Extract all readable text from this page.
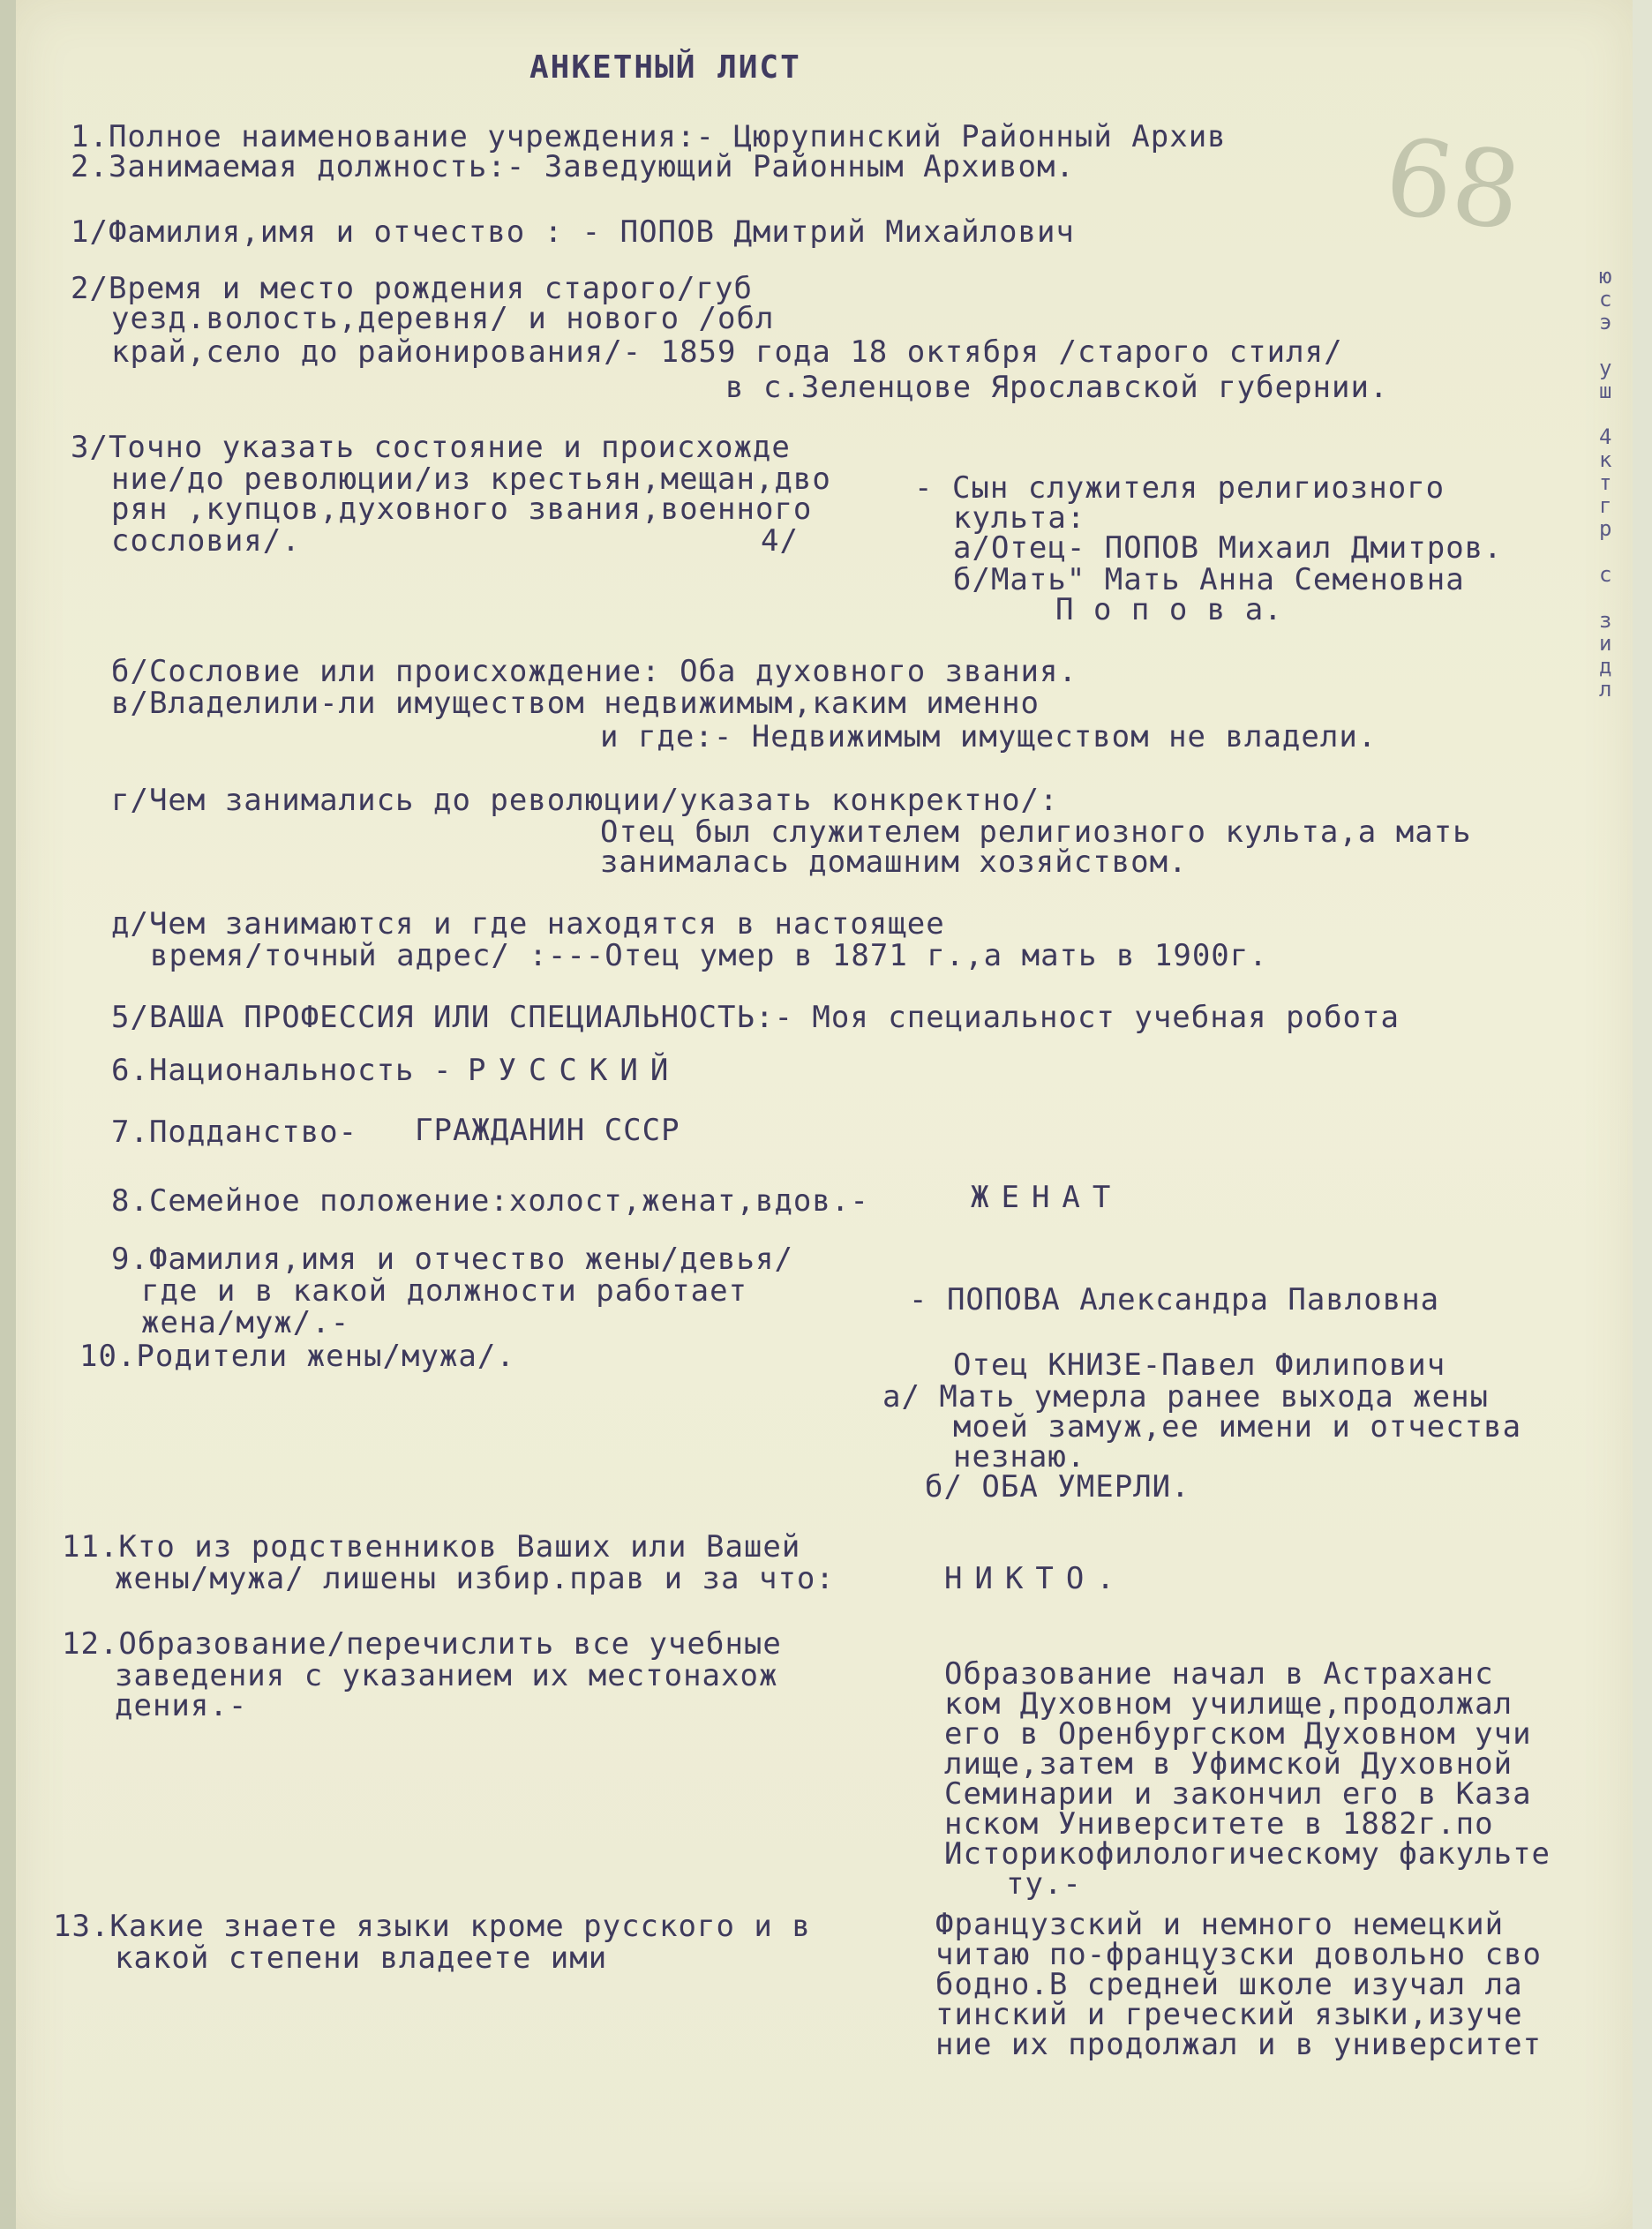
68
ю
с
э

у
ш

4
к
т
г
р

с

з
и
д
л
АНКЕТНЫЙ ЛИСТ
1.Полное наименование учреждения:- Цюрупинский Районный Архив
2.Занимаемая должность:- Заведующий Районным Архивом.
1/Фамилия,имя и отчество : - ПОПОВ Дмитрий Михайлович
2/Время и место рождения старого/губ
уезд.волость,деревня/ и нового /обл
край,село до районирования/- 1859 года 18 октября /старого стиля/
в с.Зеленцове Ярославской губернии.
3/Точно указать состояние и происхожде
ние/до революции/из крестьян,мещан,дво
рян ,купцов,духовного звания,военного
сословия/.	4/
- Сын служителя религиозного
культа:
а/Отец- ПОПОВ Михаил Дмитров.
б/Мать" Мать Анна Семеновна
П о п о в а.
б/Сословие или происхождение: Оба духовного звания.
в/Владелили-ли имуществом недвижимым,каким именно
и где:- Недвижимым имуществом не владели.
г/Чем занимались до революции/указать конкректно/:
Отец был служителем религиозного культа,а мать
занималась домашним хозяйством.
д/Чем занимаются и где находятся в настоящее
время/точный адрес/ :---Отец умер в 1871 г.,а мать в 1900г.
5/ВАША ПРОФЕССИЯ ИЛИ СПЕЦИАЛЬНОСТЬ:- Моя специальност учебная робота
6.Национальность - РУССКИЙ
7.Подданство- ГРАЖДАНИН СССР
8.Семейное положение:холост,женат,вдов.-	ЖЕНАТ
9.Фамилия,имя и отчество жены/девья/
где и в какой должности работает
жена/муж/.-
- ПОПОВА Александра Павловна
10.Родители жены/мужа/.	Отец КНИЗЕ-Павел Филипович
а/ Мать умерла ранее выхода жены
моей замуж,ее имени и отчества
незнаю.
б/ ОБА УМЕРЛИ.
11.Кто из родственников Ваших или Вашей
жены/мужа/ лишены избир.прав и за что:	НИКТО.
12.Образование/перечислить все учебные
заведения с указанием их местонахож
дения.-
Образование начал в Астраханс
ком Духовном училище,продолжал
его в Оренбургском Духовном учи
лище,затем в Уфимской Духовной
Семинарии и закончил его в Каза
нском Университете в 1882г.по
Историкофилологическому факульте
ту.-
13.Какие знаете языки кроме русского и в
какой степени владеете ими
Французский и немного немецкий
читаю по-французски довольно сво
бодно.В средней школе изучал ла
тинский и греческий языки,изуче
ние их продолжал и в университет
